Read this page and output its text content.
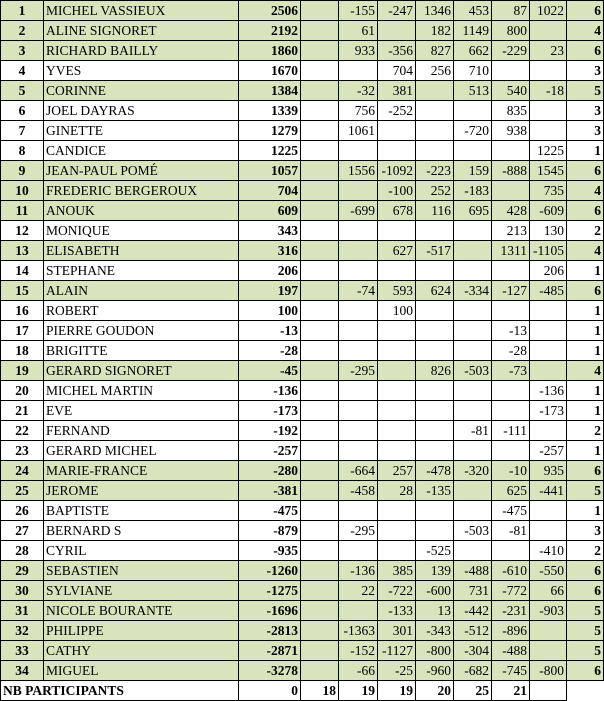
1	MICHEL VASSIEUX	2506		-155	-247	1346	453	87	1022	6
2	ALINE SIGNORET	2192		61		182	1149	800		4
3	RICHARD BAILLY	1860		933	-356	827	662	-229	23	6
4	YVES	1670			704	256	710			3
5	CORINNE	1384		-32	381		513	540	-18	5
6	JOEL DAYRAS	1339		756	-252			835		3
7	GINETTE	1279		1061			-720	938		3
8	CANDICE	1225							1225	1
9	JEAN-PAUL POMÉ	1057		1556	-1092	-223	159	-888	1545	6
10	FREDERIC BERGEROUX	704			-100	252	-183		735	4
11	ANOUK	609		-699	678	116	695	428	-609	6
12	MONIQUE	343						213	130	2
13	ELISABETH	316			627	-517		1311	-1105	4
14	STEPHANE	206							206	1
15	ALAIN	197		-74	593	624	-334	-127	-485	6
16	ROBERT	100			100					1
17	PIERRE GOUDON	-13						-13		1
18	BRIGITTE	-28						-28		1
19	GERARD SIGNORET	-45		-295		826	-503	-73		4
20	MICHEL MARTIN	-136							-136	1
21	EVE	-173							-173	1
22	FERNAND	-192					-81	-111		2
23	GERARD MICHEL	-257							-257	1
24	MARIE-FRANCE	-280		-664	257	-478	-320	-10	935	6
25	JEROME	-381		-458	28	-135		625	-441	5
26	BAPTISTE	-475						-475		1
27	BERNARD S	-879		-295			-503	-81		3
28	CYRIL	-935				-525			-410	2
29	SEBASTIEN	-1260		-136	385	139	-488	-610	-550	6
30	SYLVIANE	-1275		22	-722	-600	731	-772	66	6
31	NICOLE BOURANTE	-1696			-133	13	-442	-231	-903	5
32	PHILIPPE	-2813		-1363	301	-343	-512	-896		5
33	CATHY	-2871		-152	-1127	-800	-304	-488		5
34	MIGUEL	-3278		-66	-25	-960	-682	-745	-800	6
NB PARTICIPANTS		0	18	19	19	20	25	21		
